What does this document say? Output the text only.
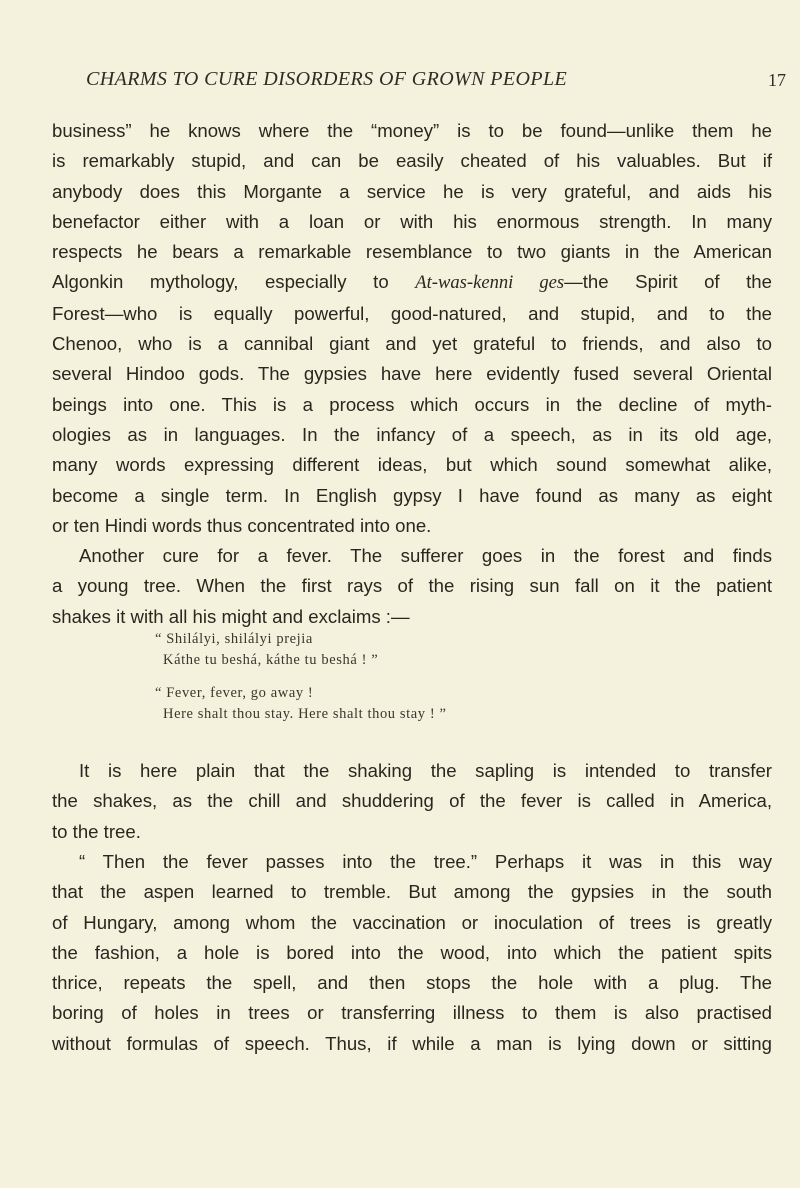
CHARMS TO CURE DISORDERS OF GROWN PEOPLE	17
business” he knows where the “money” is to be found—unlike them he
is remarkably stupid, and can be easily cheated of his valuables. But if
anybody does this Morgante a service he is very grateful, and aids his
benefactor either with a loan or with his enormous strength. In many
respects he bears a remarkable resemblance to two giants in the American
Algonkin mythology, especially to At-was-kenni ges—the Spirit of the
Forest—who is equally powerful, good-natured, and stupid, and to the
Chenoo, who is a cannibal giant and yet grateful to friends, and also to
several Hindoo gods. The gypsies have here evidently fused several Oriental
beings into one. This is a process which occurs in the decline of myth-
ologies as in languages. In the infancy of a speech, as in its old age,
many words expressing different ideas, but which sound somewhat alike,
become a single term. In English gypsy I have found as many as eight
or ten Hindi words thus concentrated into one.
Another cure for a fever. The sufferer goes in the forest and finds
a young tree. When the first rays of the rising sun fall on it the patient
shakes it with all his might and exclaims :—
“ Shilályi, shilályi prejia
Káthe tu beshá, káthe tu beshá ! ”
“ Fever, fever, go away !
Here shalt thou stay. Here shalt thou stay ! ”
It is here plain that the shaking the sapling is intended to transfer
the shakes, as the chill and shuddering of the fever is called in America,
to the tree.
“ Then the fever passes into the tree.” Perhaps it was in this way
that the aspen learned to tremble. But among the gypsies in the south
of Hungary, among whom the vaccination or inoculation of trees is greatly
the fashion, a hole is bored into the wood, into which the patient spits
thrice, repeats the spell, and then stops the hole with a plug. The
boring of holes in trees or transferring illness to them is also practised
without formulas of speech. Thus, if while a man is lying down or sitting
